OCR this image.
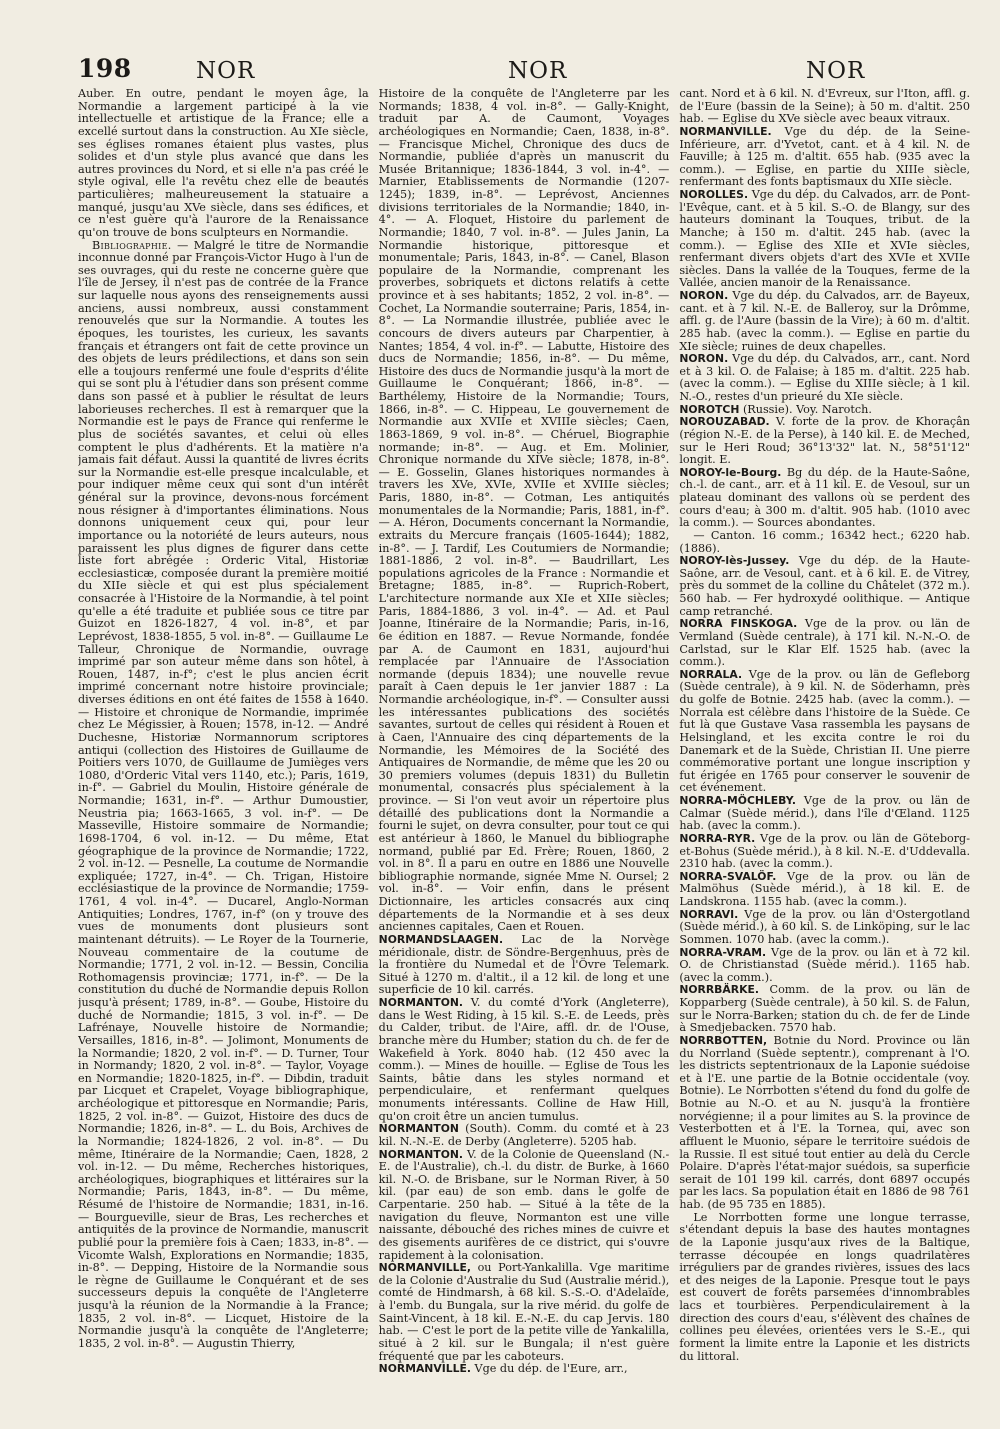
198	NOR	NOR	NOR

Auber. En outre, pendant le moyen âge, la Normandie a largement participé à la vie intellectuelle et artistique de la France; elle a excellé surtout dans la construction. Au XIe siècle, ses églises romanes étaient plus vastes, plus solides et d'un style plus avancé que dans les autres provinces du Nord, et si elle n'a pas créé le style ogival, elle l'a revêtu chez elle de beautés particulières; malheureusement la statuaire a manqué, jusqu'au XVe siècle, dans ses édifices, et ce n'est guère qu'à l'aurore de la Renaissance qu'on trouve de bons sculpteurs en Normandie.

Bibliographie. — Malgré le titre de Normandie inconnue donné par François-Victor Hugo à l'un de ses ouvrages, qui du reste ne concerne guère que l'île de Jersey, il n'est pas de contrée de la France sur laquelle nous ayons des renseignements aussi anciens, aussi nombreux, aussi constamment renouvelés que sur la Normandie. A toutes les époques, les touristes, les curieux, les savants français et étrangers ont fait de cette province un des objets de leurs prédilections, et dans son sein elle a toujours renfermé une foule d'esprits d'élite qui se sont plu à l'étudier dans son présent comme dans son passé et à publier le résultat de leurs laborieuses recherches. Il est à remarquer que la Normandie est le pays de France qui renferme le plus de sociétés savantes, et celui où elles comptent le plus d'adhérents. Et la matière n'a jamais fait défaut. Aussi la quantité de livres écrits sur la Normandie est-elle presque incalculable, et pour indiquer même ceux qui sont d'un intérêt général sur la province, devons-nous forcément nous résigner à d'importantes éliminations. Nous donnons uniquement ceux qui, pour leur importance ou la notoriété de leurs auteurs, nous paraissent les plus dignes de figurer dans cette liste fort abrégée : Orderic Vital, Historiæ ecclesiasticæ, composée durant la première moitié du XIIe siècle et qui est plus spécialement consacrée à l'Histoire de la Normandie, à tel point qu'elle a été traduite et publiée sous ce titre par Guizot en 1826-1827, 4 vol. in-8°, et par Leprévost, 1838-1855, 5 vol. in-8°. — Guillaume Le Talleur, Chronique de Normandie, ouvrage imprimé par son auteur même dans son hôtel, à Rouen, 1487, in-f°; c'est le plus ancien écrit imprimé concernant notre histoire provinciale; diverses éditions en ont été faites de 1558 à 1640. — Histoire et chronique de Normandie, imprimée chez Le Mégissier, à Rouen; 1578, in-12. — André Duchesne, Historiæ Normannorum scriptores antiqui (collection des Histoires de Guillaume de Poitiers vers 1070, de Guillaume de Jumièges vers 1080, d'Orderic Vital vers 1140, etc.); Paris, 1619, in-f°. — Gabriel du Moulin, Histoire générale de Normandie; 1631, in-f°. — Arthur Dumoustier, Neustria pia; 1663-1665, 3 vol. in-f°. — De Masseville, Histoire sommaire de Normandie; 1698-1704, 6 vol. in-12. — Du même, Etat géographique de la province de Normandie; 1722, 2 vol. in-12. — Pesnelle, La coutume de Normandie expliquée; 1727, in-4°. — Ch. Trigan, Histoire ecclésiastique de la province de Normandie; 1759-1761, 4 vol. in-4°. — Ducarel, Anglo-Norman Antiquities; Londres, 1767, in-f° (on y trouve des vues de monuments dont plusieurs sont maintenant détruits). — Le Royer de la Tournerie, Nouveau commentaire de la coutume de Normandie; 1771, 2 vol. in-12. — Bessin, Concilia Rothomagensis provinciæ; 1771, in-f°. — De la constitution du duché de Normandie depuis Rollon jusqu'à présent; 1789, in-8°. — Goube, Histoire du duché de Normandie; 1815, 3 vol. in-f°. — De Lafrénaye, Nouvelle histoire de Normandie; Versailles, 1816, in-8°. — Jolimont, Monuments de la Normandie; 1820, 2 vol. in-f°. — D. Turner, Tour in Normandy; 1820, 2 vol. in-8°. — Taylor, Voyage en Normandie; 1820-1825, in-f°. — Dibdin, traduit par Licquet et Crapelet, Voyage bibliographique, archéologique et pittoresque en Normandie; Paris, 1825, 2 vol. in-8°. — Guizot, Histoire des ducs de Normandie; 1826, in-8°. — L. du Bois, Archives de la Normandie; 1824-1826, 2 vol. in-8°. — Du même, Itinéraire de la Normandie; Caen, 1828, 2 vol. in-12. — Du même, Recherches historiques, archéologiques, biographiques et littéraires sur la Normandie; Paris, 1843, in-8°. — Du même, Résumé de l'histoire de Normandie; 1831, in-16. — Bourgueville, sieur de Bras, Les recherches et antiquités de la province de Normandie, manuscrit publié pour la première fois à Caen; 1833, in-8°. — Vicomte Walsh, Explorations en Normandie; 1835, in-8°. — Depping, Histoire de la Normandie sous le règne de Guillaume le Conquérant et de ses successeurs depuis la conquête de l'Angleterre jusqu'à la réunion de la Normandie à la France; 1835, 2 vol. in-8°. — Licquet, Histoire de la Normandie jusqu'à la conquête de l'Angleterre; 1835, 2 vol. in-8°. — Augustin Thierry,

Histoire de la conquête de l'Angleterre par les Normands; 1838, 4 vol. in-8°. — Gally-Knight, traduit par A. de Caumont, Voyages archéologiques en Normandie; Caen, 1838, in-8°. — Francisque Michel, Chronique des ducs de Normandie, publiée d'après un manuscrit du Musée Britannique; 1836-1844, 3 vol. in-4°. — Marnier, Etablissements de Normandie (1207-1245); 1839, in-8°. — Leprévost, Anciennes divisions territoriales de la Normandie; 1840, in-4°. — A. Floquet, Histoire du parlement de Normandie; 1840, 7 vol. in-8°. — Jules Janin, La Normandie historique, pittoresque et monumentale; Paris, 1843, in-8°. — Canel, Blason populaire de la Normandie, comprenant les proverbes, sobriquets et dictons relatifs à cette province et à ses habitants; 1852, 2 vol. in-8°. — Cochet, La Normandie souterraine; Paris, 1854, in-8°. — La Normandie illustrée, publiée avec le concours de divers auteurs par Charpentier, à Nantes; 1854, 4 vol. in-f°. — Labutte, Histoire des ducs de Normandie; 1856, in-8°. — Du même, Histoire des ducs de Normandie jusqu'à la mort de Guillaume le Conquérant; 1866, in-8°. — Barthélemy, Histoire de la Normandie; Tours, 1866, in-8°. — C. Hippeau, Le gouvernement de Normandie aux XVIIe et XVIIIe siècles; Caen, 1863-1869, 9 vol. in-8°. — Chéruel, Biographie normande; in-8°. — Aug. et Em. Molinier, Chronique normande du XIVe siècle; 1878, in-8°. — E. Gosselin, Glanes historiques normandes à travers les XVe, XVIe, XVIIe et XVIIIe siècles; Paris, 1880, in-8°. — Cotman, Les antiquités monumentales de la Normandie; Paris, 1881, in-f°. — A. Héron, Documents concernant la Normandie, extraits du Mercure français (1605-1644); 1882, in-8°. — J. Tardif, Les Coutumiers de Normandie; 1881-1886, 2 vol. in-8°. — Baudrillart, Les populations agricoles de la France : Normandie et Bretagne; 1885, in-8°. — Ruprich-Robert, L'architecture normande aux XIe et XIIe siècles; Paris, 1884-1886, 3 vol. in-4°. — Ad. et Paul Joanne, Itinéraire de la Normandie; Paris, in-16, 6e édition en 1887. — Revue Normande, fondée par A. de Caumont en 1831, aujourd'hui remplacée par l'Annuaire de l'Association normande (depuis 1834); une nouvelle revue paraît à Caen depuis le 1er janvier 1887 : La Normandie archéologique, in-f°. — Consulter aussi les intéressantes publications des sociétés savantes, surtout de celles qui résident à Rouen et à Caen, l'Annuaire des cinq départements de la Normandie, les Mémoires de la Société des Antiquaires de Normandie, de même que les 20 ou 30 premiers volumes (depuis 1831) du Bulletin monumental, consacrés plus spécialement à la province. — Si l'on veut avoir un répertoire plus détaillé des publications dont la Normandie a fourni le sujet, on devra consulter, pour tout ce qui est antérieur à 1860, le Manuel du bibliographe normand, publié par Ed. Frère; Rouen, 1860, 2 vol. in 8°. Il a paru en outre en 1886 une Nouvelle bibliographie normande, signée Mme N. Oursel; 2 vol. in-8°. — Voir enfin, dans le présent Dictionnaire, les articles consacrés aux cinq départements de la Normandie et à ses deux anciennes capitales, Caen et Rouen.

NORMANDSLAAGEN. Lac de la Norvège méridionale, distr. de Söndre-Bergenhuus, près de la frontière du Numedal et de l'Övre Telemark. Situé à 1270 m. d'altit., il a 12 kil. de long et une superficie de 10 kil. carrés.

NORMANTON. V. du comté d'York (Angleterre), dans le West Riding, à 15 kil. S.-E. de Leeds, près du Calder, tribut. de l'Aire, affl. dr. de l'Ouse, branche mère du Humber; station du ch. de fer de Wakefield à York. 8040 hab. (12 450 avec la comm.). — Mines de houille. — Eglise de Tous les Saints, bâtie dans les styles normand et perpendiculaire, et renfermant quelques monuments intéressants. Colline de Haw Hill, qu'on croit être un ancien tumulus.

NORMANTON (South). Comm. du comté et à 23 kil. N.-N.-E. de Derby (Angleterre). 5205 hab.

NORMANTON. V. de la Colonie de Queensland (N.-E. de l'Australie), ch.-l. du distr. de Burke, à 1660 kil. N.-O. de Brisbane, sur le Norman River, à 50 kil. (par eau) de son emb. dans le golfe de Carpentarie. 250 hab. — Situé à la tête de la navigation du fleuve, Normanton est une ville naissante, débouché des riches mines de cuivre et des gisements aurifères de ce district, qui s'ouvre rapidement à la colonisation.

NORMANVILLE, ou Port-Yankalilla. Vge maritime de la Colonie d'Australie du Sud (Australie mérid.), comté de Hindmarsh, à 68 kil. S.-S.-O. d'Adelaïde, à l'emb. du Bungala, sur la rive mérid. du golfe de Saint-Vincent, à 18 kil. E.-N.-E. du cap Jervis. 180 hab. — C'est le port de la petite ville de Yankalilla, situé à 2 kil. sur le Bungala; il n'est guère fréquenté que par les caboteurs.

NORMANVILLE. Vge du dép. de l'Eure, arr.,

cant. Nord et à 6 kil. N. d'Evreux, sur l'Iton, affl. g. de l'Eure (bassin de la Seine); à 50 m. d'altit. 250 hab. — Eglise du XVe siècle avec beaux vitraux.

NORMANVILLE. Vge du dép. de la Seine-Inférieure, arr. d'Yvetot, cant. et à 4 kil. N. de Fauville; à 125 m. d'altit. 655 hab. (935 avec la comm.). — Eglise, en partie du XIIIe siècle, renfermant des fonts baptismaux du XIIe siècle.

NOROLLES. Vge du dép. du Calvados, arr. de Pont-l'Evêque, cant. et à 5 kil. S.-O. de Blangy, sur des hauteurs dominant la Touques, tribut. de la Manche; à 150 m. d'altit. 245 hab. (avec la comm.). — Eglise des XIIe et XVIe siècles, renfermant divers objets d'art des XVIe et XVIIe siècles. Dans la vallée de la Touques, ferme de la Vallée, ancien manoir de la Renaissance.

NORON. Vge du dép. du Calvados, arr. de Bayeux, cant. et à 7 kil. N.-E. de Balleroy, sur la Drômme, affl. g. de l'Aure (bassin de la Vire); à 60 m. d'altit. 285 hab. (avec la comm.). — Eglise en partie du XIe siècle; ruines de deux chapelles.

NORON. Vge du dép. du Calvados, arr., cant. Nord et à 3 kil. O. de Falaise; à 185 m. d'altit. 225 hab. (avec la comm.). — Eglise du XIIIe siècle; à 1 kil. N.-O., restes d'un prieuré du XIe siècle.

NOROTCH (Russie). Voy. Narotch.

NOROUZABAD. V. forte de la prov. de Khoraçân (région N.-E. de la Perse), à 140 kil. E. de Meched, sur le Heri Roud; 36°13'32" lat. N., 58°51'12" longit. E.

NOROY-le-Bourg. Bg du dép. de la Haute-Saône, ch.-l. de cant., arr. et à 11 kil. E. de Vesoul, sur un plateau dominant des vallons où se perdent des cours d'eau; à 300 m. d'altit. 905 hab. (1010 avec la comm.). — Sources abondantes.

— Canton. 16 comm.; 16342 hect.; 6220 hab. (1886).

NOROY-lès-Jussey. Vge du dép. de la Haute-Saône, arr. de Vesoul, cant. et à 6 kil. E. de Vitrey, près du sommet de la colline du Châtelet (372 m.). 560 hab. — Fer hydroxydé oolithique. — Antique camp retranché.

NORRA FINSKOGA. Vge de la prov. ou län de Vermland (Suède centrale), à 171 kil. N.-N.-O. de Carlstad, sur le Klar Elf. 1525 hab. (avec la comm.).

NORRALA. Vge de la prov. ou län de Gefleborg (Suède centrale), à 9 kil. N. de Söderhamn, près du golfe de Botnie. 2425 hab. (avec la comm.). — Norrala est célèbre dans l'histoire de la Suède. Ce fut là que Gustave Vasa rassembla les paysans de Helsingland, et les excita contre le roi du Danemark et de la Suède, Christian II. Une pierre commémorative portant une longue inscription y fut érigée en 1765 pour conserver le souvenir de cet événement.

NORRA-MÖCHLEBY. Vge de la prov. ou län de Calmar (Suède mérid.), dans l'île d'Œland. 1125 hab. (avec la comm.).

NORRA-RYR. Vge de la prov. ou län de Göteborg-et-Bohus (Suède mérid.), à 8 kil. N.-E. d'Uddevalla. 2310 hab. (avec la comm.).

NORRA-SVALÖF. Vge de la prov. ou län de Malmöhus (Suède mérid.), à 18 kil. E. de Landskrona. 1155 hab. (avec la comm.).

NORRAVI. Vge de la prov. ou län d'Ostergotland (Suède mérid.), à 60 kil. S. de Linköping, sur le lac Sommen. 1070 hab. (avec la comm.).

NORRA-VRAM. Vge de la prov. ou län et à 72 kil. O. de Christianstad (Suède mérid.). 1165 hab. (avec la comm.).

NORRBÄRKE. Comm. de la prov. ou län de Kopparberg (Suède centrale), à 50 kil. S. de Falun, sur le Norra-Barken; station du ch. de fer de Linde à Smedjebacken. 7570 hab.

NORRBOTTEN, Botnie du Nord. Province ou län du Norrland (Suède septentr.), comprenant à l'O. les districts septentrionaux de la Laponie suédoise et à l'E. une partie de la Botnie occidentale (voy. Botnie). Le Norrbotten s'étend du fond du golfe de Botnie au N.-O. et au N. jusqu'à la frontière norvégienne; il a pour limites au S. la province de Vesterbotten et à l'E. la Tornea, qui, avec son affluent le Muonio, sépare le territoire suédois de la Russie. Il est situé tout entier au delà du Cercle Polaire. D'après l'état-major suédois, sa superficie serait de 101 199 kil. carrés, dont 6897 occupés par les lacs. Sa population était en 1886 de 98 761 hab. (de 95 735 en 1885).

Le Norrbotten forme une longue terrasse, s'étendant depuis la base des hautes montagnes de la Laponie jusqu'aux rives de la Baltique, terrasse découpée en longs quadrilatères irréguliers par de grandes rivières, issues des lacs et des neiges de la Laponie. Presque tout le pays est couvert de forêts parsemées d'innombrables lacs et tourbières. Perpendiculairement à la direction des cours d'eau, s'élèvent des chaînes de collines peu élevées, orientées vers le S.-E., qui forment la limite entre la Laponie et les districts du littoral.
